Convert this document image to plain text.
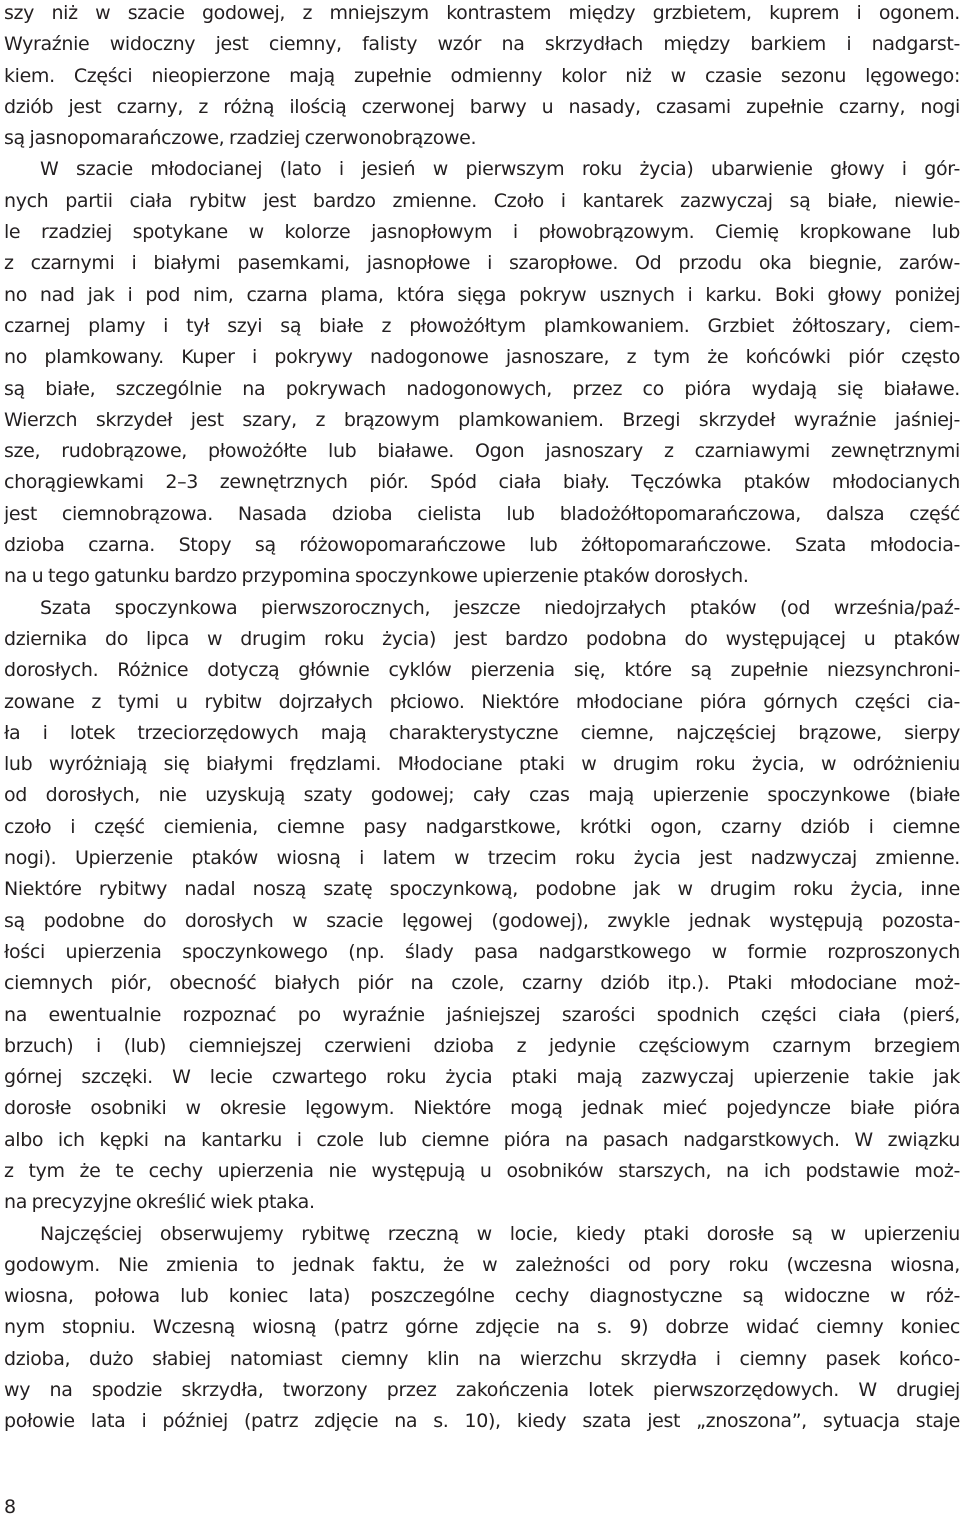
szy niż w szacie godowej, z mniejszym kontrastem między grzbietem, kuprem i ogonem.
Wyraźnie widoczny jest ciemny, falisty wzór na skrzydłach między barkiem i nadgarst-
kiem. Części nieopierzone mają zupełnie odmienny kolor niż w czasie sezonu lęgowego:
dziób jest czarny, z różną ilością czerwonej barwy u nasady, czasami zupełnie czarny, nogi
są jasnopomarańczowe, rzadziej czerwonobrązowe.
W szacie młodocianej (lato i jesień w pierwszym roku życia) ubarwienie głowy i gór-
nych partii ciała rybitw jest bardzo zmienne. Czoło i kantarek zazwyczaj są białe, niewie-
le rzadziej spotykane w kolorze jasnopłowym i płowobrązowym. Ciemię kropkowane lub
z czarnymi i białymi pasemkami, jasnopłowe i szaropłowe. Od przodu oka biegnie, zarów-
no nad jak i pod nim, czarna plama, która sięga pokryw usznych i karku. Boki głowy poniżej
czarnej plamy i tył szyi są białe z płowożółtym plamkowaniem. Grzbiet żółtoszary, ciem-
no plamkowany. Kuper i pokrywy nadogonowe jasnoszare, z tym że końcówki piór często
są białe, szczególnie na pokrywach nadogonowych, przez co pióra wydają się białawe.
Wierzch skrzydeł jest szary, z brązowym plamkowaniem. Brzegi skrzydeł wyraźnie jaśniej-
sze, rudobrązowe, płowożółte lub białawe. Ogon jasnoszary z czarniawymi zewnętrznymi
chorągiewkami 2–3 zewnętrznych piór. Spód ciała biały. Tęczówka ptaków młodocianych
jest ciemnobrązowa. Nasada dzioba cielista lub bladożółtopomarańczowa, dalsza część
dzioba czarna. Stopy są różowopomarańczowe lub żółtopomarańczowe. Szata młodocia-
na u tego gatunku bardzo przypomina spoczynkowe upierzenie ptaków dorosłych.
Szata spoczynkowa pierwszorocznych, jeszcze niedojrzałych ptaków (od września/paź-
dziernika do lipca w drugim roku życia) jest bardzo podobna do występującej u ptaków
dorosłych. Różnice dotyczą głównie cyklów pierzenia się, które są zupełnie niezsynchroni-
zowane z tymi u rybitw dojrzałych płciowo. Niektóre młodociane pióra górnych części cia-
ła i lotek trzeciorzędowych mają charakterystyczne ciemne, najczęściej brązowe, sierpy
lub wyróżniają się białymi frędzlami. Młodociane ptaki w drugim roku życia, w odróżnieniu
od dorosłych, nie uzyskują szaty godowej; cały czas mają upierzenie spoczynkowe (białe
czoło i część ciemienia, ciemne pasy nadgarstkowe, krótki ogon, czarny dziób i ciemne
nogi). Upierzenie ptaków wiosną i latem w trzecim roku życia jest nadzwyczaj zmienne.
Niektóre rybitwy nadal noszą szatę spoczynkową, podobne jak w drugim roku życia, inne
są podobne do dorosłych w szacie lęgowej (godowej), zwykle jednak występują pozosta-
łości upierzenia spoczynkowego (np. ślady pasa nadgarstkowego w formie rozproszonych
ciemnych piór, obecność białych piór na czole, czarny dziób itp.). Ptaki młodociane moż-
na ewentualnie rozpoznać po wyraźnie jaśniejszej szarości spodnich części ciała (pierś,
brzuch) i (lub) ciemniejszej czerwieni dzioba z jedynie częściowym czarnym brzegiem
górnej szczęki. W lecie czwartego roku życia ptaki mają zazwyczaj upierzenie takie jak
dorosłe osobniki w okresie lęgowym. Niektóre mogą jednak mieć pojedyncze białe pióra
albo ich kępki na kantarku i czole lub ciemne pióra na pasach nadgarstkowych. W związku
z tym że te cechy upierzenia nie występują u osobników starszych, na ich podstawie moż-
na precyzyjne określić wiek ptaka.
Najczęściej obserwujemy rybitwę rzeczną w locie, kiedy ptaki dorosłe są w upierzeniu
godowym. Nie zmienia to jednak faktu, że w zależności od pory roku (wczesna wiosna,
wiosna, połowa lub koniec lata) poszczególne cechy diagnostyczne są widoczne w róż-
nym stopniu. Wczesną wiosną (patrz górne zdjęcie na s. 9) dobrze widać ciemny koniec
dzioba, dużo słabiej natomiast ciemny klin na wierzchu skrzydła i ciemny pasek końco-
wy na spodzie skrzydła, tworzony przez zakończenia lotek pierwszorzędowych. W drugiej
połowie lata i później (patrz zdjęcie na s. 10), kiedy szata jest „znoszona”, sytuacja staje
8
